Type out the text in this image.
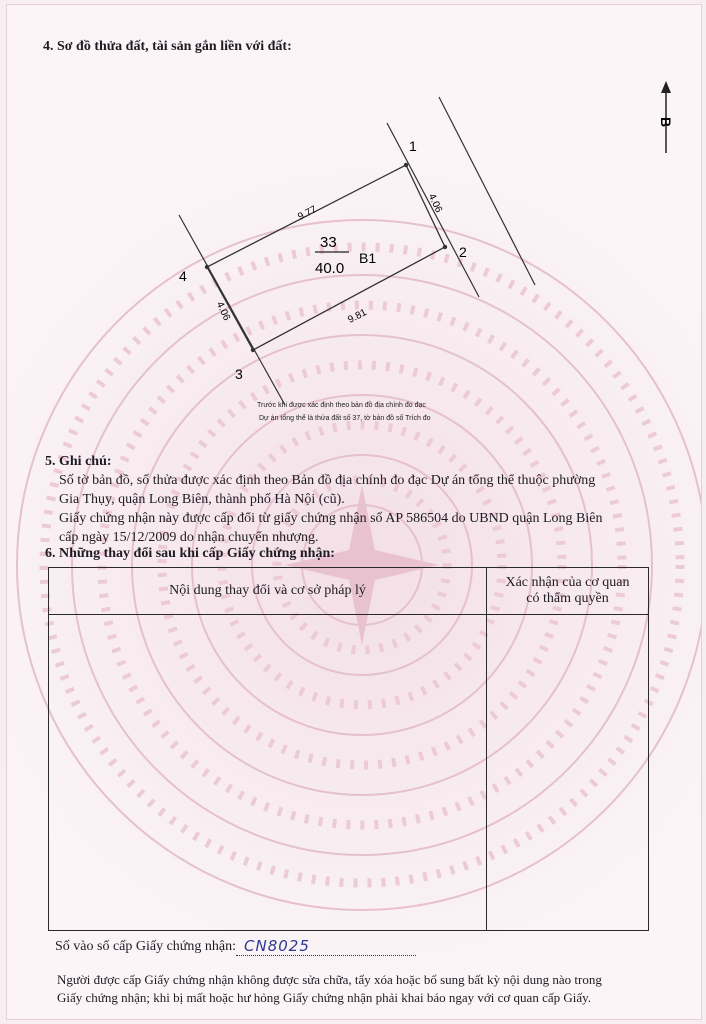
4. Sơ đồ thửa đất, tài sản gắn liền với đất:
B
1
2
3
4
9.77	4.06
9.81
4.06
33
40.0
B1
Trước khi được xác định theo bản đồ địa chính đo đạc
Dự án tổng thể là thửa đất số 37, tờ bản đồ số Trích đo
5. Ghi chú:
Số tờ bản đồ, số thửa được xác định theo Bản đồ địa chính đo đạc Dự án tổng thể thuộc phường
Gia Thụy, quận Long Biên, thành phố Hà Nội (cũ).
Giấy chứng nhận này được cấp đổi từ giấy chứng nhận số AP 586504 do UBND quận Long Biên
cấp ngày 15/12/2009 do nhận chuyển nhượng.
6. Những thay đổi sau khi cấp Giấy chứng nhận:
Nội dung thay đổi và cơ sở pháp lý	Xác nhận của cơ quan
có thẩm quyền

Số vào sổ cấp Giấy chứng nhận: CN8025

Người được cấp Giấy chứng nhận không được sửa chữa, tẩy xóa hoặc bổ sung bất kỳ nội dung nào trong
Giấy chứng nhận; khi bị mất hoặc hư hỏng Giấy chứng nhận phải khai báo ngay với cơ quan cấp Giấy.
